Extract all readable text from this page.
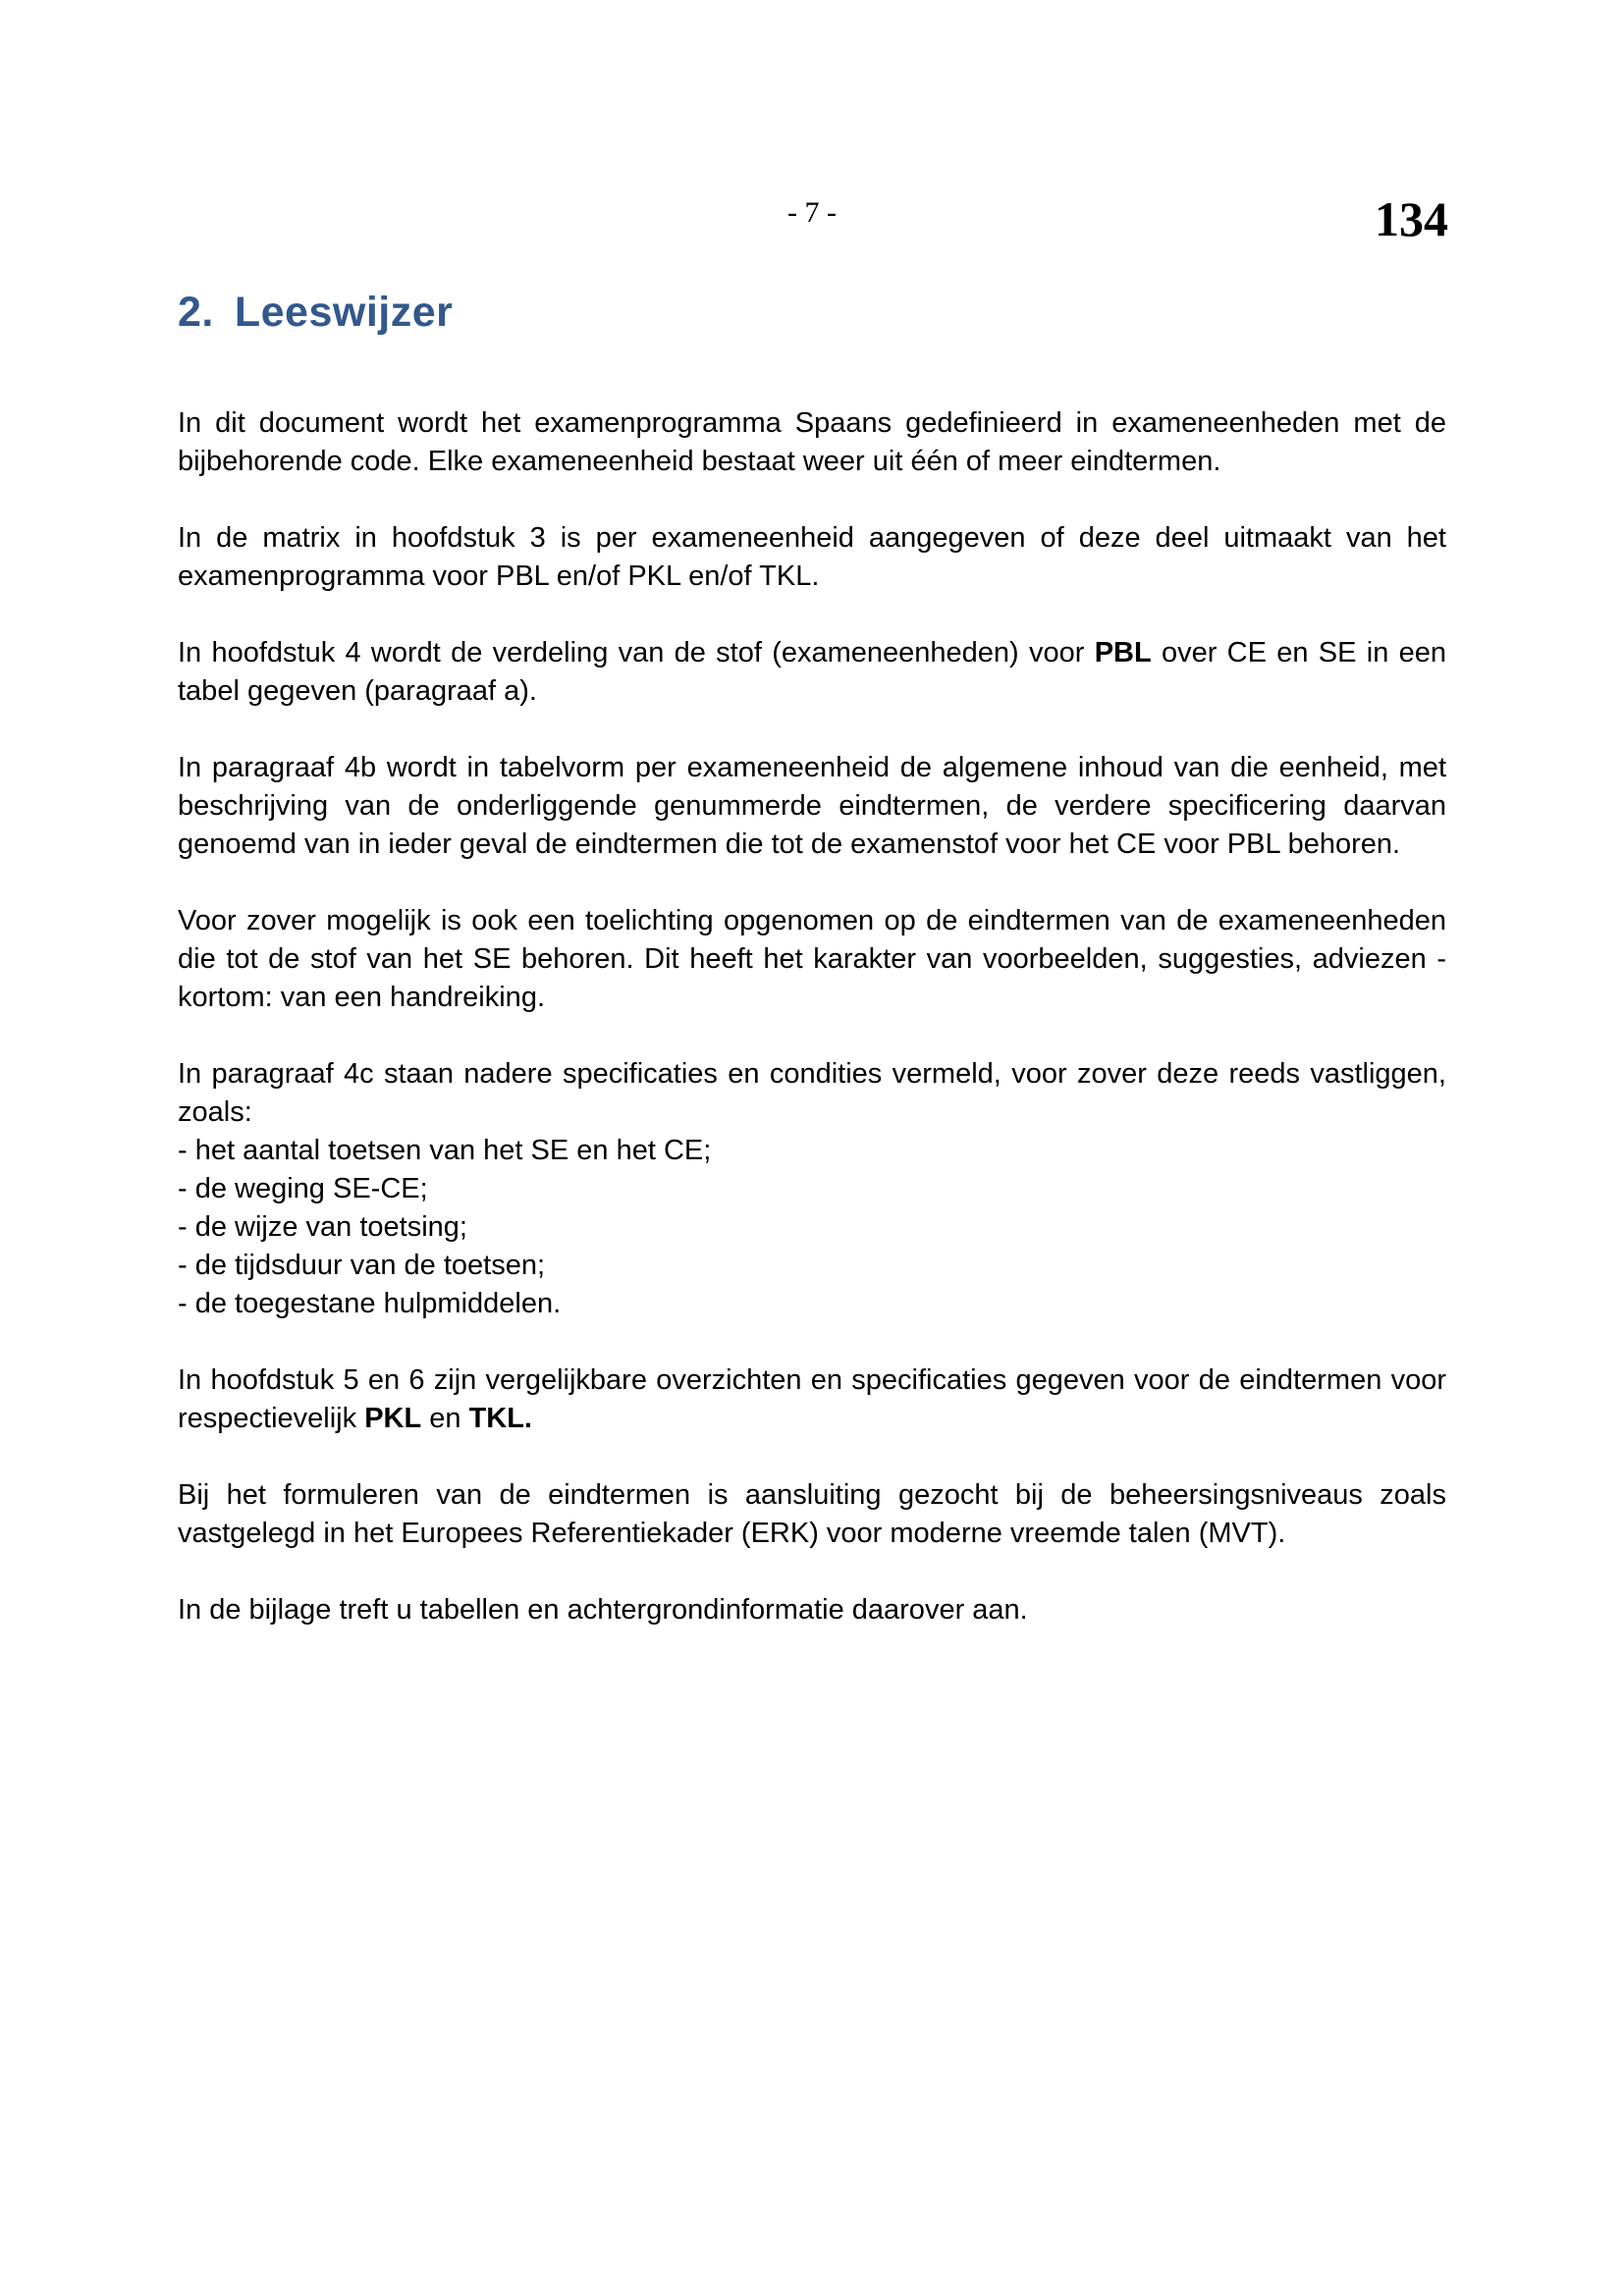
- 7 -	134
2. Leeswijzer
In dit document wordt het examenprogramma Spaans gedefinieerd in exameneenheden met de bijbehorende code. Elke exameneenheid bestaat weer uit één of meer eindtermen.
In de matrix in hoofdstuk 3 is per exameneenheid aangegeven of deze deel uitmaakt van het examenprogramma voor PBL en/of PKL en/of TKL.
In hoofdstuk 4 wordt de verdeling van de stof (exameneenheden) voor PBL over CE en SE in een tabel gegeven (paragraaf a).
In paragraaf 4b wordt in tabelvorm per exameneenheid de algemene inhoud van die eenheid, met beschrijving van de onderliggende genummerde eindtermen, de verdere specificering daarvan genoemd van in ieder geval de eindtermen die tot de examenstof voor het CE voor PBL behoren.
Voor zover mogelijk is ook een toelichting opgenomen op de eindtermen van de exameneenheden die tot de stof van het SE behoren. Dit heeft het karakter van voorbeelden, suggesties, adviezen - kortom: van een handreiking.
In paragraaf 4c staan nadere specificaties en condities vermeld, voor zover deze reeds vastliggen, zoals:
- het aantal toetsen van het SE en het CE;
- de weging SE-CE;
- de wijze van toetsing;
- de tijdsduur van de toetsen;
- de toegestane hulpmiddelen.
In hoofdstuk 5 en 6 zijn vergelijkbare overzichten en specificaties gegeven voor de eindtermen voor respectievelijk PKL en TKL.
Bij het formuleren van de eindtermen is aansluiting gezocht bij de beheersingsniveaus zoals vastgelegd in het Europees Referentiekader (ERK) voor moderne vreemde talen (MVT).
In de bijlage treft u tabellen en achtergrondinformatie daarover aan.
